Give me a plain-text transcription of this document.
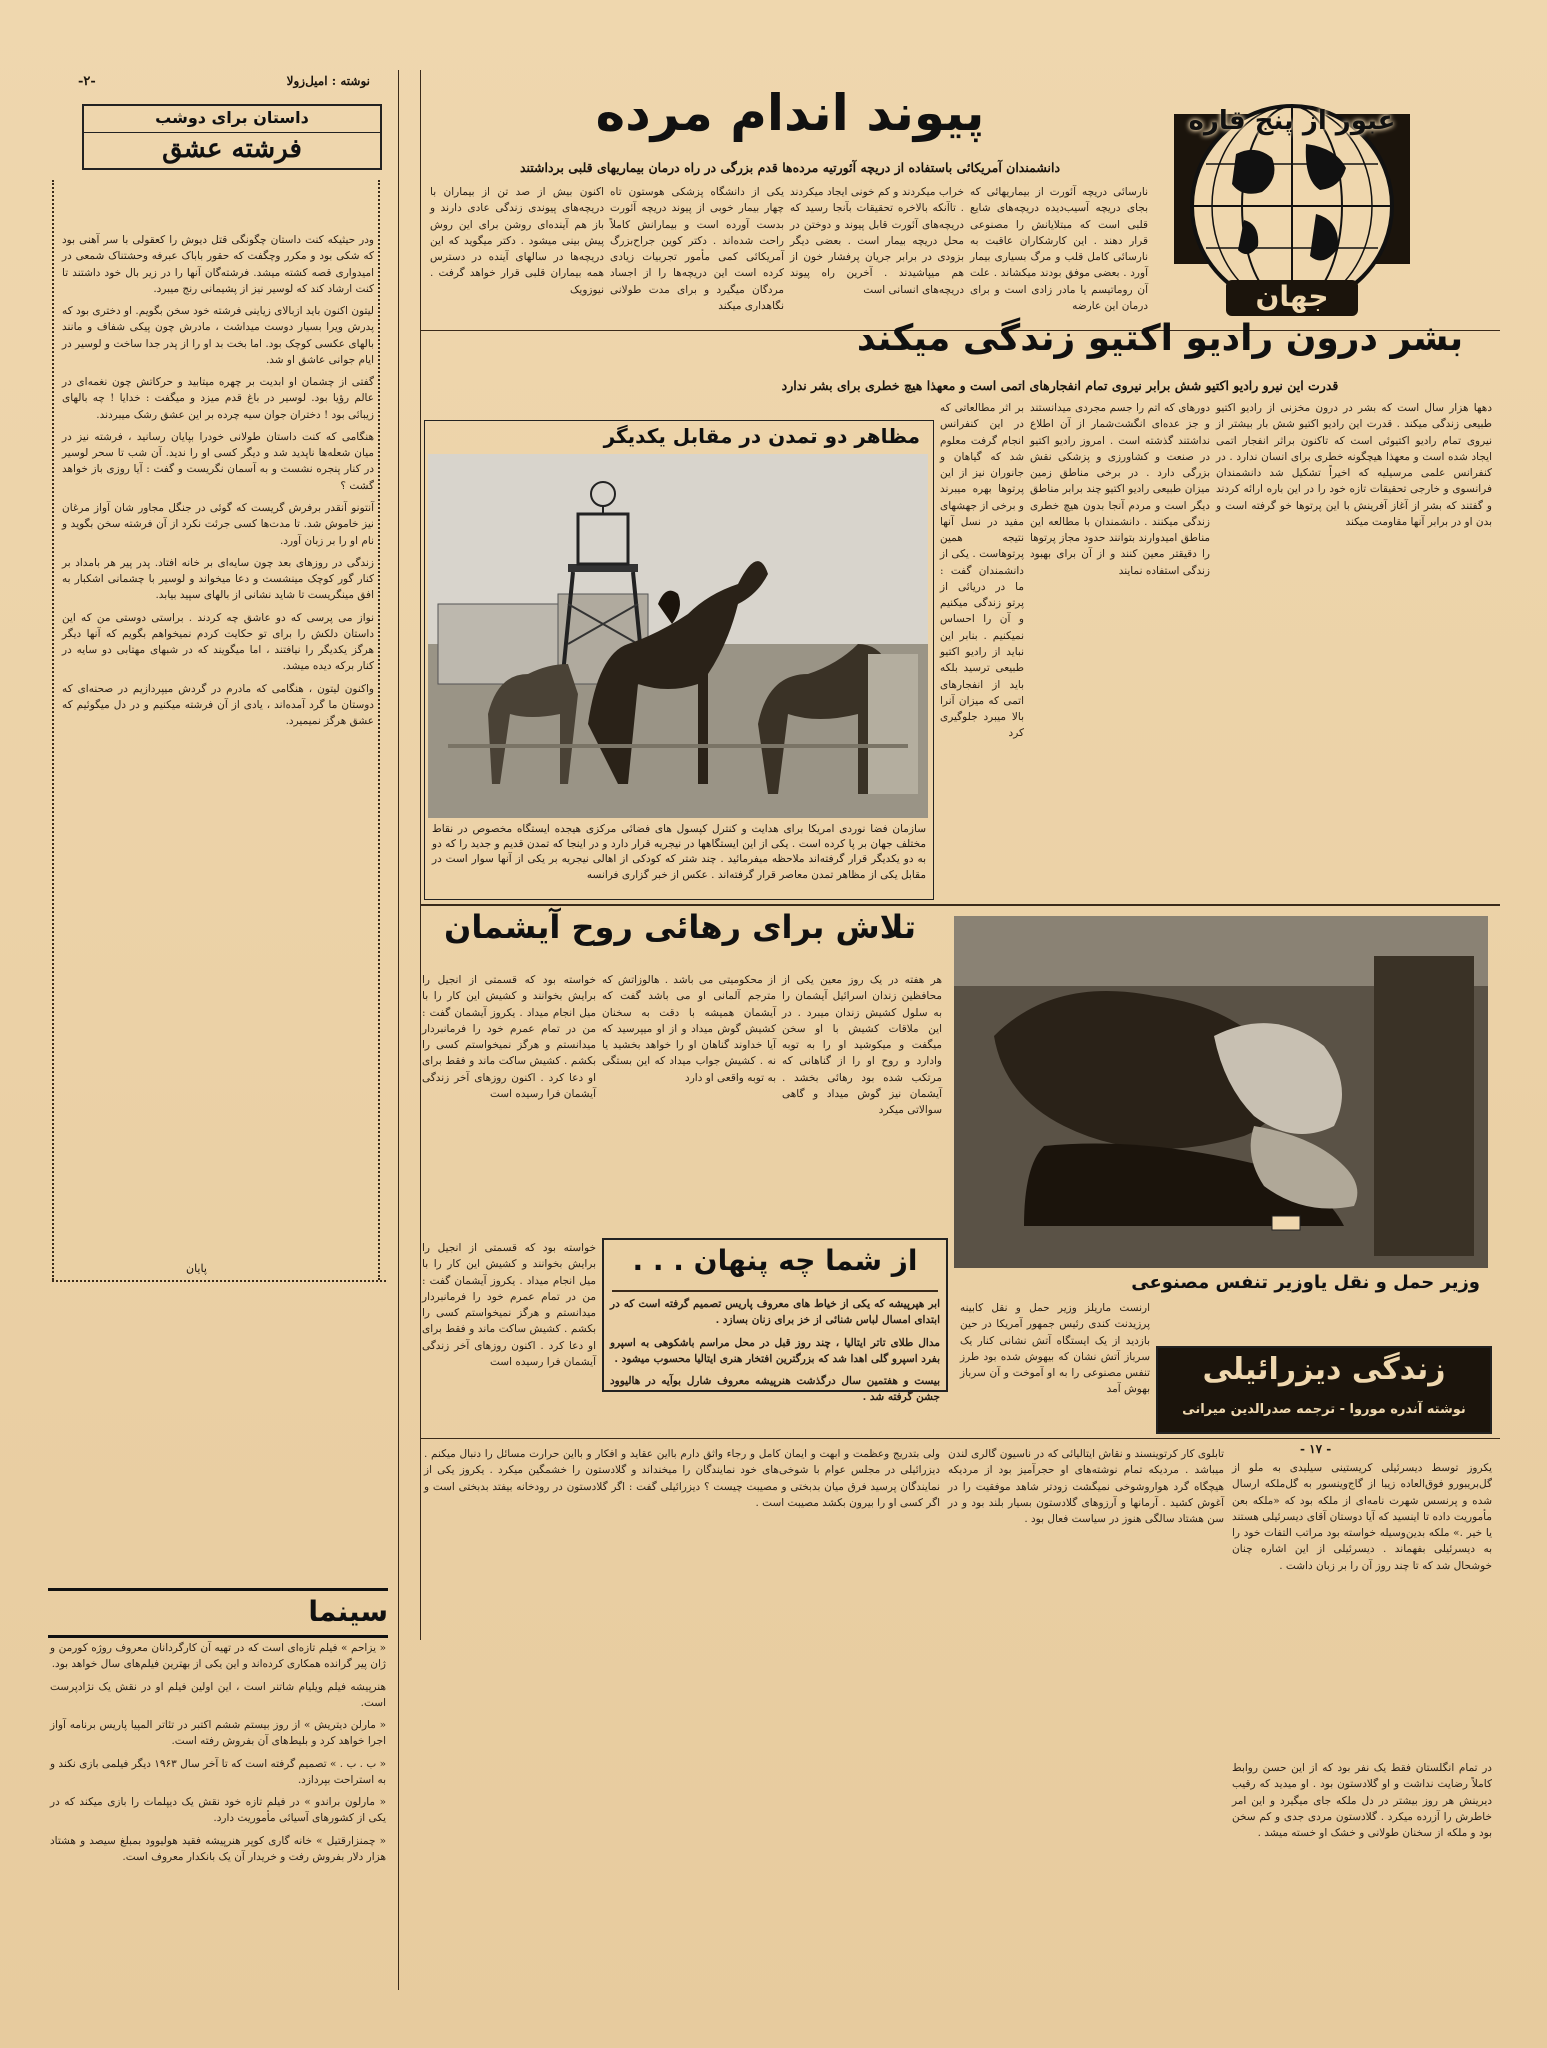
-۲-	نوشته : امیل‌زولا
داستان برای دوشب
فرشته عشق

ودر حیثیکه کنت داستان چگونگی قتل دیوش را کعقولی با سر آهنی بود که شکی بود و مکرر وچگفت که حقور باباک عبرفه وحشتناک شمعی در امیدواری قصه کشته میشد. فرشته‌گان آنها را در زیر بال خود داشتند تا کنت ارشاد کند که لوسیر نیز از پشیمانی رنج میبرد.

لیتون اکنون باید ازبالای زیاینی فرشته خود سخن بگویم. او دختری بود که پدرش ویرا بسیار دوست میداشت ، مادرش چون پیکی شفاف و مانند بالهای عکسی کوچک بود. اما بخت بد او را از پدر جدا ساخت و لوسیر در ایام جوانی عاشق او شد.

گفتی از چشمان او ابدیت بر چهره میتابید و حرکاتش چون نغمه‌ای در عالم رؤیا بود. لوسیر در باغ قدم میزد و میگفت : خدایا ! چه بالهای زیبائی بود ! دختران جوان سیه چرده بر این عشق رشک میبردند.

هنگامی که کنت داستان طولانی خودرا بپایان رسانید ، فرشته نیز در میان شعله‌ها ناپدید شد و دیگر کسی او را ندید. آن شب تا سحر لوسیر در کنار پنجره نشست و به آسمان نگریست و گفت : آیا روزی باز خواهد گشت ؟

آنتونو آنقدر برفرش گریست که گوئی در جنگل مجاور شان آواز مرغان نیز خاموش شد. تا مدت‌ها کسی جرئت نکرد از آن فرشته سخن بگوید و نام او را بر زبان آورد.

زندگی در روزهای بعد چون سایه‌ای بر خانه افتاد. پدر پیر هر بامداد بر کنار گور کوچک مینشست و دعا میخواند و لوسیر با چشمانی اشکبار به افق مینگریست تا شاید نشانی از بالهای سپید بیابد.

نواز می پرسی که دو عاشق چه کردند . براستی دوستی من که این داستان دلکش را برای تو حکایت کردم نمیخواهم بگویم که آنها دیگر هرگز یکدیگر را نیافتند ، اما میگویند که در شبهای مهتابی دو سایه در کنار برکه دیده میشد.

واکنون لیتون ، هنگامی که مادرم در گردش میپردازیم در صحنه‌ای که دوستان ما گرد آمده‌اند ، یادی از آن فرشته میکنیم و در دل میگوئیم که عشق هرگز نمیمیرد.

پایان
سینما

« یزاحم » فیلم تازه‌ای است که در تهیه آن کارگردانان معروف روژه کورمن و ژان پیر گرانده همکاری کرده‌اند و این یکی از بهترین فیلم‌های سال خواهد بود.

هنرپیشه فیلم ویلیام شاتنر است ، این اولین فیلم او در نقش یک نژادپرست است.

« مارلن دیتریش » از روز بیستم ششم اکتبر در تئاتر المپیا پاریس برنامه آواز اجرا خواهد کرد و بلیط‌های آن بفروش رفته است.

« ب . ب . » تصمیم گرفته است که تا آخر سال ۱۹۶۳ دیگر فیلمی بازی نکند و به استراحت بپردازد.

« مارلون براندو » در فیلم تازه خود نقش یک دیپلمات را بازی میکند که در یکی از کشورهای آسیائی مأموریت دارد.

« چمنزارقتیل » خانه گاری کوپر هنرپیشه فقید هولیوود بمبلغ سیصد و هشتاد هزار دلار بفروش رفت و خریدار آن یک بانکدار معروف است.

عبور از پنج قاره
جهان
پیوند اندام مرده
دانشمندان آمریکائی باستفاده از دریچه آئورتیه مرده‌ها قدم بزرگی در راه درمان بیماریهای قلبی برداشتند
نارسائی دریچه آئورت از بیماریهائی که بجای دریچه آسیب‌دیده دریچه‌های شایع قلبی است که مبتلایانش را مصنوعی قرار دهند . این کارشکاران عاقبت به نارسائی کامل قلب و مرگ بسیاری بیمار آورد . بعضی موفق بودند میکشاند . علت آن روماتیسم یا مادر زادی است و برای درمان این عارضه
خراب میکردند و کم خونی ایجاد میکردند . تاآنکه بالاخره تحقیقات بآنجا رسید که دریچه‌های آئورت قابل پیوند و دوختن در محل دریچه بیمار است . بعضی دیگر بزودی در برابر جریان پرفشار خون از هم میپاشیدند . آخرین راه پیوند دریچه‌های انسانی است
یکی از دانشگاه پزشکی هوستون تاه چهار بیمار خوبی از پیوند دریچه آئورت بدست آورده است و بیمارانش کاملاً راحت شده‌اند . دکتر کوین جراح‌بزرگ آمریکائی کمی مأمور تجربیات زیادی کرده است این دریچه‌ها را از اجساد مردگان میگیرد و برای مدت طولانی نگاهداری میکند
اکنون بیش از صد تن از بیماران با دریچه‌های پیوندی زندگی عادی دارند و باز هم آینده‌ای روشن برای این روش پیش بینی میشود . دکتر میگوید که این دریچه‌ها در سالهای آینده در دسترس همه بیماران قلبی قرار خواهد گرفت . نیوزویک
بشر درون رادیو اکتیو زندگی میکند
قدرت این نیرو رادیو اکتیو شش برابر نیروی تمام انفجارهای اتمی است و معهذا هیچ خطری برای بشر ندارد
دهها هزار سال است که بشر در درون مخزنی از رادیو اکتیو طبیعی زندگی میکند . قدرت این رادیو اکتیو شش بار بیشتر از نیروی تمام رادیو اکتیوئی است که تاکنون براثر انفجار اتمی ایجاد شده است و معهذا هیچگونه خطری برای انسان ندارد . در کنفرانس علمی مرسیلیه که اخیراً تشکیل شد دانشمندان فرانسوی و خارجی تحقیقات تازه خود را در این باره ارائه کردند و گفتند که بشر از آغاز آفرینش با این پرتوها خو گرفته است و بدن او در برابر آنها مقاومت میکند
دورهای که اتم را جسم مجردی میدانستند و جز عده‌ای انگشت‌شمار از آن اطلاع نداشتند گذشته است . امروز رادیو اکتیو در صنعت و کشاورزی و پزشکی نقش بزرگی دارد . در برخی مناطق زمین میزان طبیعی رادیو اکتیو چند برابر مناطق دیگر است و مردم آنجا بدون هیچ خطری زندگی میکنند . دانشمندان با مطالعه این مناطق امیدوارند بتوانند حدود مجاز پرتوها را دقیقتر معین کنند و از آن برای بهبود زندگی استفاده نمایند
بر اثر مطالعاتی که در این کنفرانس انجام گرفت معلوم شد که گیاهان و جانوران نیز از این پرتوها بهره میبرند و برخی از جهشهای مفید در نسل آنها نتیجه همین پرتوهاست . یکی از دانشمندان گفت : ما در دریائی از پرتو زندگی میکنیم و آن را احساس نمیکنیم . بنابر این نباید از رادیو اکتیو طبیعی ترسید بلکه باید از انفجارهای اتمی که میزان آنرا بالا میبرد جلوگیری کرد
مظاهر دو تمدن در مقابل یکدیگر
سازمان فضا نوردی امریکا برای هدایت و کنترل کپسول های فضائی مرکزی هیجده ایستگاه مخصوص در نقاط مختلف جهان بر پا کرده است . یکی از این ایستگاهها در نیجریه قرار دارد و در اینجا که تمدن قدیم و جدید را که دو به دو یکدیگر قرار گرفته‌اند ملاحظه میفرمائید . چند شتر که کودکی از اهالی نیجریه بر یکی از آنها سوار است در مقابل یکی از مظاهر تمدن معاصر قرار گرفته‌اند . عکس از خبر گزاری فرانسه
تلاش برای رهائی روح آیشمان
هر هفته در یک روز معین یکی از محافظین زندان اسرائیل آیشمان را به سلول کشیش زندان میبرد . در این ملاقات کشیش با او سخن میگفت و میکوشید او را به توبه وادارد و روح او را از گناهانی که مرتکب شده بود رهائی بخشد . آیشمان نیز گوش میداد و گاهی سوالاتی میکرد
از محکومیتی می باشد . هالوزاتش که مترجم آلمانی او می باشد گفت که آیشمان همیشه با دقت به سخنان کشیش گوش میداد و از او میپرسید که آیا خداوند گناهان او را خواهد بخشید یا نه . کشیش جواب میداد که این بستگی به توبه واقعی او دارد
خواسته بود که قسمتی از انجیل را برایش بخوانند و کشیش این کار را با میل انجام میداد . یکروز آیشمان گفت : من در تمام عمرم خود را فرمانبردار میدانستم و هرگز نمیخواستم کسی را بکشم . کشیش ساکت ماند و فقط برای او دعا کرد . اکنون روزهای آخر زندگی آیشمان فرا رسیده است
وزیر حمل و نقل یاوزیر تنفس مصنوعی
از شما چه پنهان . . .

ابر هپرپیشه که یکی از خیاط های معروف پاریس تصمیم گرفته است که در ابتدای امسال لباس شنائی از خز برای زنان بسازد .

مدال طلای تاتر ایتالیا ، چند روز قبل در محل مراسم باشکوهی به اسپرو بفرد اسپرو گلی اهدا شد که بزرگترین افتخار هنری ایتالیا محسوب میشود .

بیست و هفتمین سال درگذشت هنرپیشه معروف شارل بوآیه در هالیوود جشن گرفته شد .

خواسته بود که قسمتی از انجیل را برایش بخوانند و کشیش این کار را با میل انجام میداد . یکروز آیشمان گفت : من در تمام عمرم خود را فرمانبردار میدانستم و هرگز نمیخواستم کسی را بکشم . کشیش ساکت ماند و فقط برای او دعا کرد . اکنون روزهای آخر زندگی آیشمان فرا رسیده است
ارنست ماریلز وزیر حمل و نقل کابینه پرزیدنت کندی رئیس جمهور آمریکا در حین بازدید از یک ایستگاه آتش نشانی کنار یک سرباز آتش نشان که بیهوش شده بود طرز تنفس مصنوعی را به او آموخت و آن سرباز بهوش آمد
زندگی دیزرائیلی
نوشته آندره موروا - ترجمه صدرالدین میرانی
- ۱۷ -
یکروز توسط دیسرئیلی کریستینی سیلیدی به ملو از گل‌بریبورو فوق‌العاده زیبا از گاج‌وینسور به گل‌ملکه ارسال شده و پرنسس شهرت نامه‌ای از ملکه بود که «ملکه بعن مأموریت داده تا اینسید که آیا دوستان آقای دیسرئیلی هستند یا خیر .» ملکه بدین‌وسیله خواسته بود مراتب التفات خود را به دیسرئیلی بفهماند . دیسرئیلی از این اشاره چنان خوشحال شد که تا چند روز آن را بر زبان داشت .
در تمام انگلستان فقط یک نفر بود که از این حسن روابط کاملاً رضایت نداشت و او گلادستون بود . او میدید که رقیب دیرینش هر روز بیشتر در دل ملکه جای میگیرد و این امر خاطرش را آزرده میکرد . گلادستون مردی جدی و کم سخن بود و ملکه از سخنان طولانی و خشک او خسته میشد .
تابلوی کار کرتوینسند و نقاش ایتالیائی که در ناسیون گالری لندن میباشد . مردیکه تمام نوشته‌های او حجرآمیز بود از مردیکه هیچگاه گرد هواروشوخی نمیگشت زودتر شاهد موفقیت را در آغوش کشید . آرمانها و آرزوهای گلادستون بسیار بلند بود و در سن هشتاد سالگی هنوز در سیاست فعال بود .
ولی بتدریج وعظمت و ابهت و ایمان کامل و رجاء واثق دارم بااین عقاید و افکار و بااین حرارت مسائل را دنبال میکنم . دیزرائیلی در مجلس عوام با شوخی‌های خود نمایندگان را میخنداند و گلادستون را خشمگین میکرد . یکروز یکی از نمایندگان پرسید فرق میان بدبختی و مصیبت چیست ؟ دیزرائیلی گفت : اگر گلادستون در رودخانه بیفتد بدبختی است و اگر کسی او را بیرون بکشد مصیبت است .
